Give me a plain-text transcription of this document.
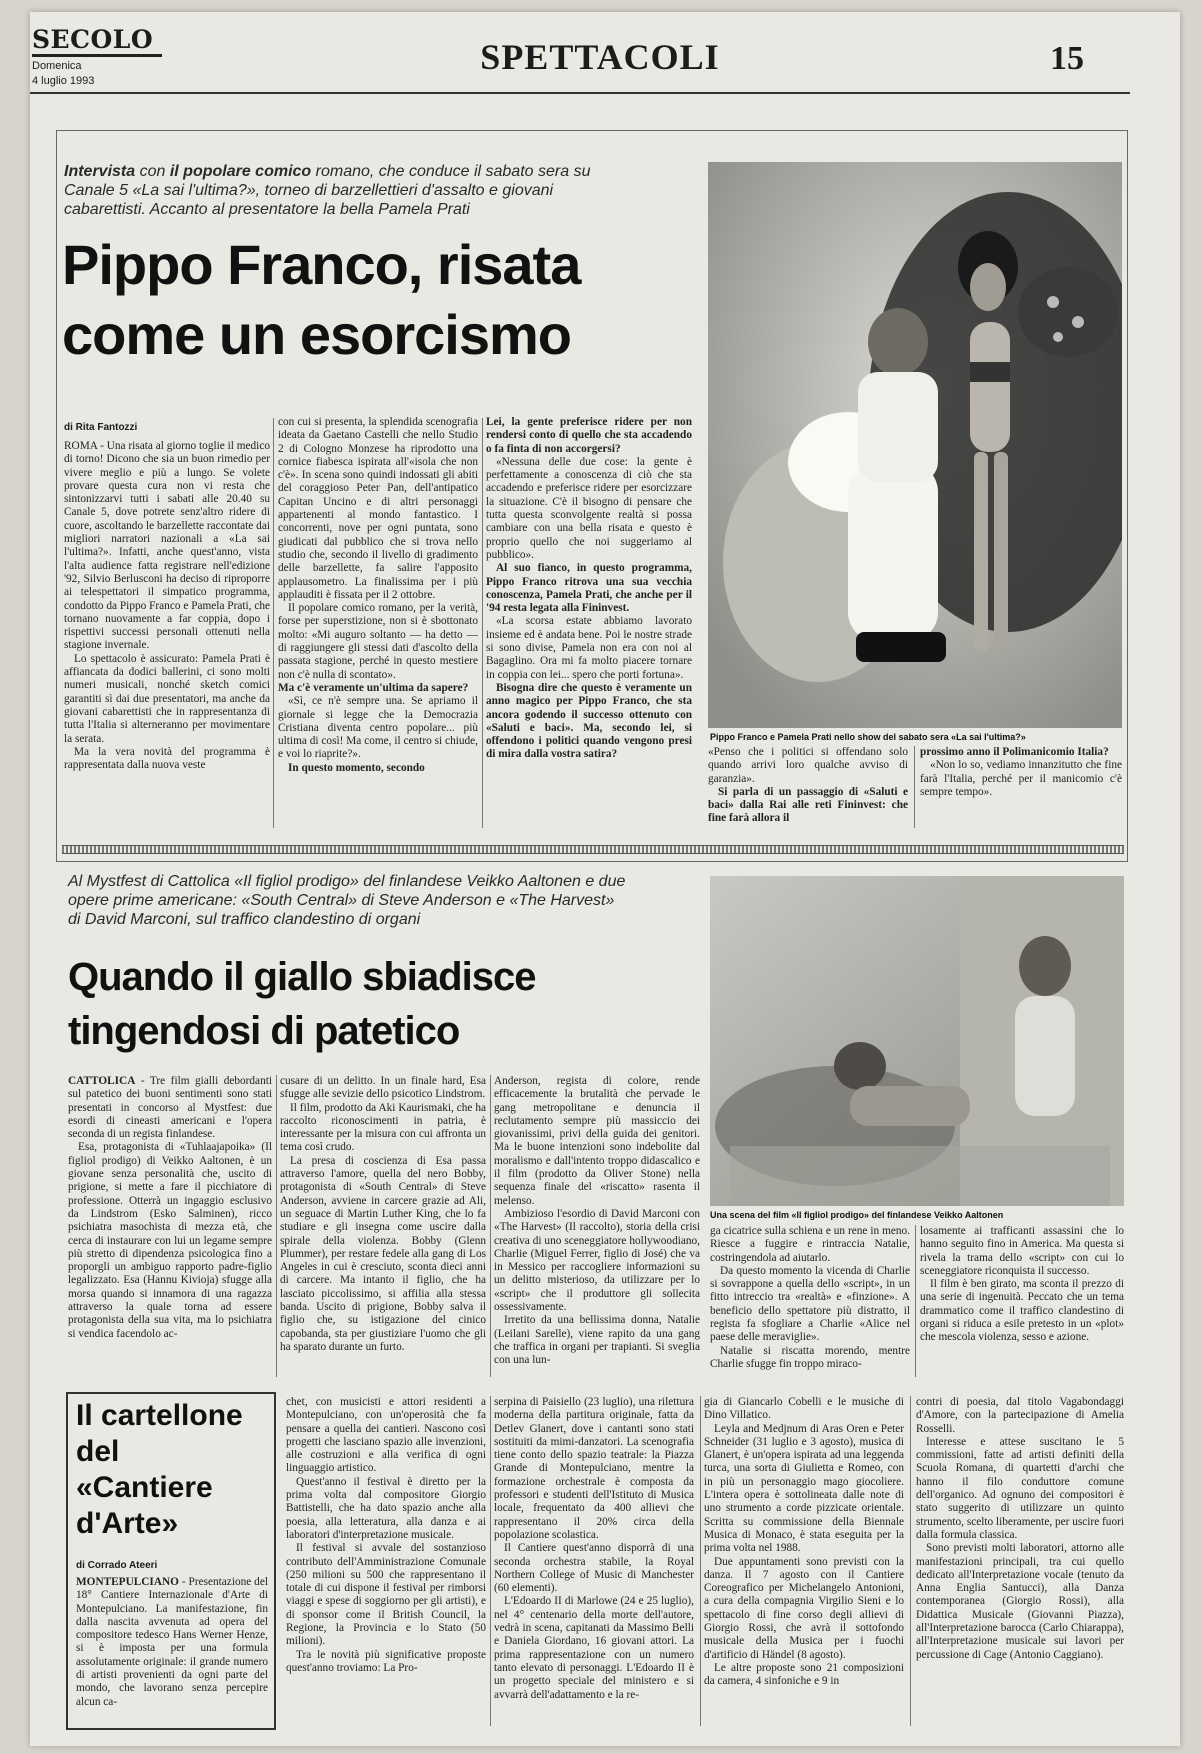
SECOLO
Domenica
4 luglio 1993
SPETTACOLI	15
Intervista con il popolare comico romano, che conduce il sabato sera su Canale 5 «La sai l'ultima?», torneo di barzellettieri d'assalto e giovani cabarettisti. Accanto al presentatore la bella Pamela Prati
Pippo Franco, risata
come un esorcismo
di Rita Fantozzi

ROMA - Una risata al giorno toglie il medico di torno! Dicono che sia un buon rimedio per vivere meglio e più a lungo. Se volete provare questa cura non vi resta che sintonizzarvi tutti i sabati alle 20.40 su Canale 5, dove potrete senz'altro ridere di cuore, ascoltando le barzellette raccontate dai migliori narratori nazionali a «La sai l'ultima?». Infatti, anche quest'anno, vista l'alta audience fatta registrare nell'edizione '92, Silvio Berlusconi ha deciso di riproporre ai telespettatori il simpatico programma, condotto da Pippo Franco e Pamela Prati, che tornano nuovamente a far coppia, dopo i rispettivi successi personali ottenuti nella stagione invernale.

Lo spettacolo è assicurato: Pamela Prati è affiancata da dodici ballerini, ci sono molti numeri musicali, nonché sketch comici garantiti sì dai due presentatori, ma anche da giovani cabarettisti che in rappresentanza di tutta l'Italia si alterneranno per movimentare la serata.

Ma la vera novità del programma è rappresentata dalla nuova veste

con cui si presenta, la splendida scenografia ideata da Gaetano Castelli che nello Studio 2 di Cologno Monzese ha riprodotto una cornice fiabesca ispirata all'«isola che non c'è». In scena sono quindi indossati gli abiti del coraggioso Peter Pan, dell'antipatico Capitan Uncino e di altri personaggi appartenenti al mondo fantastico. I concorrenti, nove per ogni puntata, sono giudicati dal pubblico che si trova nello studio che, secondo il livello di gradimento delle barzellette, fa salire l'apposito applausometro. La finalissima per i più applauditi è fissata per il 2 ottobre.

Il popolare comico romano, per la verità, forse per superstizione, non si è sbottonato molto: «Mi auguro soltanto — ha detto — di raggiungere gli stessi dati d'ascolto della passata stagione, perché in questo mestiere non c'è nulla di scontato».

Ma c'è veramente un'ultima da sapere?

«Sì, ce n'è sempre una. Se apriamo il giornale si legge che la Democrazia Cristiana diventa centro popolare... più ultima di così! Ma come, il centro si chiude, e voi lo riaprite?».

In questo momento, secondo

Lei, la gente preferisce ridere per non rendersi conto di quello che sta accadendo o fa finta di non accorgersi?

«Nessuna delle due cose: la gente è perfettamente a conoscenza di ciò che sta accadendo e preferisce ridere per esorcizzare la situazione. C'è il bisogno di pensare che tutta questa sconvolgente realtà si possa cambiare con una bella risata e questo è proprio quello che noi suggeriamo al pubblico».

Al suo fianco, in questo programma, Pippo Franco ritrova una sua vecchia conoscenza, Pamela Prati, che anche per il '94 resta legata alla Fininvest.

«La scorsa estate abbiamo lavorato insieme ed è andata bene. Poi le nostre strade si sono divise, Pamela non era con noi al Bagaglino. Ora mi fa molto piacere tornare in coppia con lei... spero che porti fortuna».

Bisogna dire che questo è veramente un anno magico per Pippo Franco, che sta ancora godendo il successo ottenuto con «Saluti e baci». Ma, secondo lei, si offendono i politici quando vengono presi di mira dalla vostra satira?

Pippo Franco e Pamela Prati nello show del sabato sera «La sai l'ultima?»

«Penso che i politici si offendano solo quando arrivi loro qualche avviso di garanzia».

Si parla di un passaggio di «Saluti e baci» dalla Rai alle reti Fininvest: che fine farà allora il

prossimo anno il Polimanicomio Italia?

«Non lo so, vediamo innanzitutto che fine farà l'Italia, perché per il manicomio c'è sempre tempo».

Al Mystfest di Cattolica «Il figliol prodigo» del finlandese Veikko Aaltonen e due opere prime americane: «South Central» di Steve Anderson e «The Harvest» di David Marconi, sul traffico clandestino di organi
Quando il giallo sbiadisce
tingendosi di patetico

CATTOLICA - Tre film gialli debordanti sul patetico dei buoni sentimenti sono stati presentati in concorso al Mystfest: due esordi di cineasti americani e l'opera seconda di un regista finlandese.

Esa, protagonista di «Tuhlaajapoika» (Il figliol prodigo) di Veikko Aaltonen, è un giovane senza personalità che, uscito di prigione, si mette a fare il picchiatore di professione. Otterrà un ingaggio esclusivo da Lindstrom (Esko Salminen), ricco psichiatra masochista di mezza età, che cerca di instaurare con lui un legame sempre più stretto di dipendenza psicologica fino a proporgli un ambiguo rapporto padre-figlio legalizzato. Esa (Hannu Kivioja) sfugge alla morsa quando si innamora di una ragazza attraverso la quale torna ad essere protagonista della sua vita, ma lo psichiatra si vendica facendolo ac-

cusare di un delitto. In un finale hard, Esa sfugge alle sevizie dello psicotico Lindstrom.

Il film, prodotto da Aki Kaurismaki, che ha raccolto riconoscimenti in patria, è interessante per la misura con cui affronta un tema così crudo.

La presa di coscienza di Esa passa attraverso l'amore, quella del nero Bobby, protagonista di «South Central» di Steve Anderson, avviene in carcere grazie ad Ali, un seguace di Martin Luther King, che lo fa studiare e gli insegna come uscire dalla spirale della violenza. Bobby (Glenn Plummer), per restare fedele alla gang di Los Angeles in cui è cresciuto, sconta dieci anni di carcere. Ma intanto il figlio, che ha lasciato piccolissimo, si affilia alla stessa banda. Uscito di prigione, Bobby salva il figlio che, su istigazione del cinico capobanda, sta per giustiziare l'uomo che gli ha sparato durante un furto.

Anderson, regista di colore, rende efficacemente la brutalità che pervade le gang metropolitane e denuncia il reclutamento sempre più massiccio dei giovanissimi, privi della guida dei genitori. Ma le buone intenzioni sono indebolite dal moralismo e dall'intento troppo didascalico e il film (prodotto da Oliver Stone) nella sequenza finale del «riscatto» rasenta il melenso.

Ambizioso l'esordio di David Marconi con «The Harvest» (Il raccolto), storia della crisi creativa di uno sceneggiatore hollywoodiano, Charlie (Miguel Ferrer, figlio di José) che va in Messico per raccogliere informazioni su un delitto misterioso, da utilizzare per lo «script» che il produttore gli sollecita ossessivamente.

Irretito da una bellissima donna, Natalie (Leilani Sarelle), viene rapito da una gang che traffica in organi per trapianti. Si sveglia con una lun-

Una scena del film «Il figliol prodigo» del finlandese Veikko Aaltonen

ga cicatrice sulla schiena e un rene in meno. Riesce a fuggire e rintraccia Natalie, costringendola ad aiutarlo.

Da questo momento la vicenda di Charlie si sovrappone a quella dello «script», in un fitto intreccio tra «realtà» e «finzione». A beneficio dello spettatore più distratto, il regista fa sfogliare a Charlie «Alice nel paese delle meraviglie».

Natalie si riscatta morendo, mentre Charlie sfugge fin troppo miraco-

losamente ai trafficanti assassini che lo hanno seguito fino in America. Ma questa si rivela la trama dello «script» con cui lo sceneggiatore riconquista il successo.

Il film è ben girato, ma sconta il prezzo di una serie di ingenuità. Peccato che un tema drammatico come il traffico clandestino di organi si riduca a esile pretesto in un «plot» che mescola violenza, sesso e azione.

Il cartellone
del
«Cantiere
d'Arte»
di Corrado Ateeri

MONTEPULCIANO - Presentazione del 18° Cantiere Internazionale d'Arte di Montepulciano. La manifestazione, fin dalla nascita avvenuta ad opera del compositore tedesco Hans Werner Henze, si è imposta per una formula assolutamente originale: il grande numero di artisti provenienti da ogni parte del mondo, che lavorano senza percepire alcun ca-

chet, con musicisti e attori residenti a Montepulciano, con un'operosità che fa pensare a quella dei cantieri. Nascono così progetti che lasciano spazio alle invenzioni, alle costruzioni e alla verifica di ogni linguaggio artistico.

Quest'anno il festival è diretto per la prima volta dal compositore Giorgio Battistelli, che ha dato spazio anche alla poesia, alla letteratura, alla danza e ai laboratori d'interpretazione musicale.

Il festival si avvale del sostanzioso contributo dell'Amministrazione Comunale (250 milioni su 500 che rappresentano il totale di cui dispone il festival per rimborsi viaggi e spese di soggiorno per gli artisti), e di sponsor come il British Council, la Regione, la Provincia e lo Stato (50 milioni).

Tra le novità più significative proposte quest'anno troviamo: La Pro-

serpina di Paisiello (23 luglio), una rilettura moderna della partitura originale, fatta da Detlev Glanert, dove i cantanti sono stati sostituiti da mimi-danzatori. La scenografia tiene conto dello spazio teatrale: la Piazza Grande di Montepulciano, mentre la formazione orchestrale è composta da professori e studenti dell'Istituto di Musica locale, frequentato da 400 allievi che rappresentano il 20% circa della popolazione scolastica.

Il Cantiere quest'anno disporrà di una seconda orchestra stabile, la Royal Northern College of Music di Manchester (60 elementi).

L'Edoardo II di Marlowe (24 e 25 luglio), nel 4° centenario della morte dell'autore, vedrà in scena, capitanati da Massimo Belli e Daniela Giordano, 16 giovani attori. La prima rappresentazione con un numero tanto elevato di personaggi. L'Edoardo II è un progetto speciale del ministero e si avvarrà dell'adattamento e la re-

gia di Giancarlo Cobelli e le musiche di Dino Villatico.

Leyla and Medjnum di Aras Oren e Peter Schneider (31 luglio e 3 agosto), musica di Glanert, è un'opera ispirata ad una leggenda turca, una sorta di Giulietta e Romeo, con in più un personaggio mago giocoliere. L'intera opera è sottolineata dalle note di uno strumento a corde pizzicate orientale. Scritta su commissione della Biennale Musica di Monaco, è stata eseguita per la prima volta nel 1988.

Due appuntamenti sono previsti con la danza. Il 7 agosto con il Cantiere Coreografico per Michelangelo Antonioni, a cura della compagnia Virgilio Sieni e lo spettacolo di fine corso degli allievi di Giorgio Rossi, che avrà il sottofondo musicale della Musica per i fuochi d'artificio di Händel (8 agosto).

Le altre proposte sono 21 composizioni da camera, 4 sinfoniche e 9 in

contri di poesia, dal titolo Vagabondaggi d'Amore, con la partecipazione di Amelia Rosselli.

Interesse e attese suscitano le 5 commissioni, fatte ad artisti definiti della Scuola Romana, di quartetti d'archi che hanno il filo conduttore comune dell'organico. Ad ognuno dei compositori è stato suggerito di utilizzare un quinto strumento, scelto liberamente, per uscire fuori dalla formula classica.

Sono previsti molti laboratori, attorno alle manifestazioni principali, tra cui quello dedicato all'Interpretazione vocale (tenuto da Anna Englia Santucci), alla Danza contemporanea (Giorgio Rossi), alla Didattica Musicale (Giovanni Piazza), all'Interpretazione barocca (Carlo Chiarappa), all'Interpretazione musicale sui lavori per percussione di Cage (Antonio Caggiano).
